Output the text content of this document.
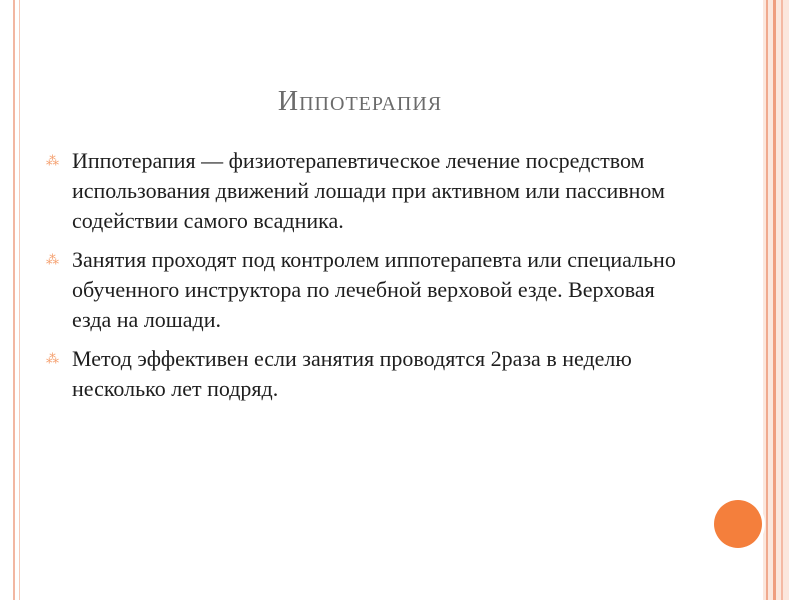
Иппотерапия
⁂ Иппотерапия — физиотерапевтическое лечение посредством использования движений лошади при активном или пассивном содействии самого всадника.
⁂ Занятия проходят под контролем иппотерапевта или специально обученного инструктора по лечебной верховой езде. Верховая езда на лошади.
⁂ Метод эффективен если занятия проводятся 2раза в неделю несколько лет подряд.
